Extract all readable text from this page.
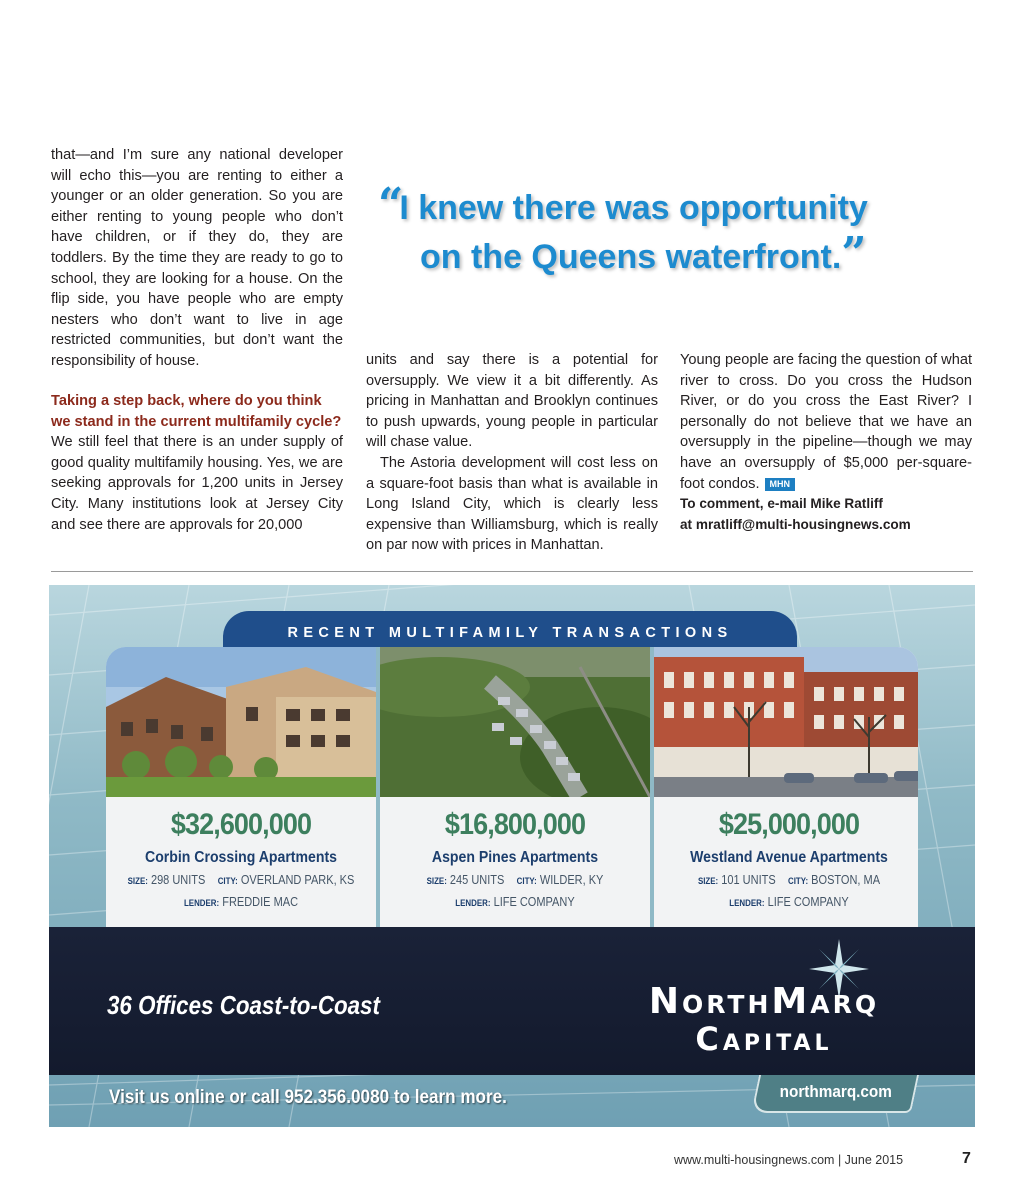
that—and I’m sure any national developer will echo this—you are renting to either a younger or an older generation. So you are either renting to young people who don’t have children, or if they do, they are toddlers. By the time they are ready to go to school, they are looking for a house. On the flip side, you have people who are empty nesters who don’t want to live in age restricted communities, but don’t want the responsibility of house.

Taking a step back, where do you think we stand in the current multifamily cycle?

We still feel that there is an under supply of good quality multifamily housing. Yes, we are seeking approvals for 1,200 units in Jersey City. Many institutions look at Jersey City and see there are approvals for 20,000

“I knew there was opportunity
on the Queens waterfront.”

units and say there is a potential for oversupply. We view it a bit differently. As pricing in Manhattan and Brooklyn continues to push upwards, young people in particular will chase value.

The Astoria development will cost less on a square-foot basis than what is available in Long Island City, which is clearly less expensive than Williamsburg, which is really on par now with prices in Manhattan.

Young people are facing the question of what river to cross. Do you cross the Hudson River, or do you cross the East River? I personally do not believe that we have an oversupply in the pipeline—though we may have an oversupply of $5,000 per-square-foot condos. MHN

To comment, e-mail Mike Ratliff

at mratliff@multi-housingnews.com

RECENT MULTIFAMILY TRANSACTIONS
$32,600,000
Corbin Crossing Apartments
SIZE: 298 UNITS CITY: OVERLAND PARK, KS
LENDER: FREDDIE MAC
$16,800,000
Aspen Pines Apartments
SIZE: 245 UNITS CITY: WILDER, KY
LENDER: LIFE COMPANY
$25,000,000
Westland Avenue Apartments
SIZE: 101 UNITS CITY: BOSTON, MA
LENDER: LIFE COMPANY
36 Offices Coast-to-Coast	NorthMarq
Capital
Visit us online or call 952.356.0080 to learn more.	northmarq.com
www.multi-housingnews.com | June 2015	7
